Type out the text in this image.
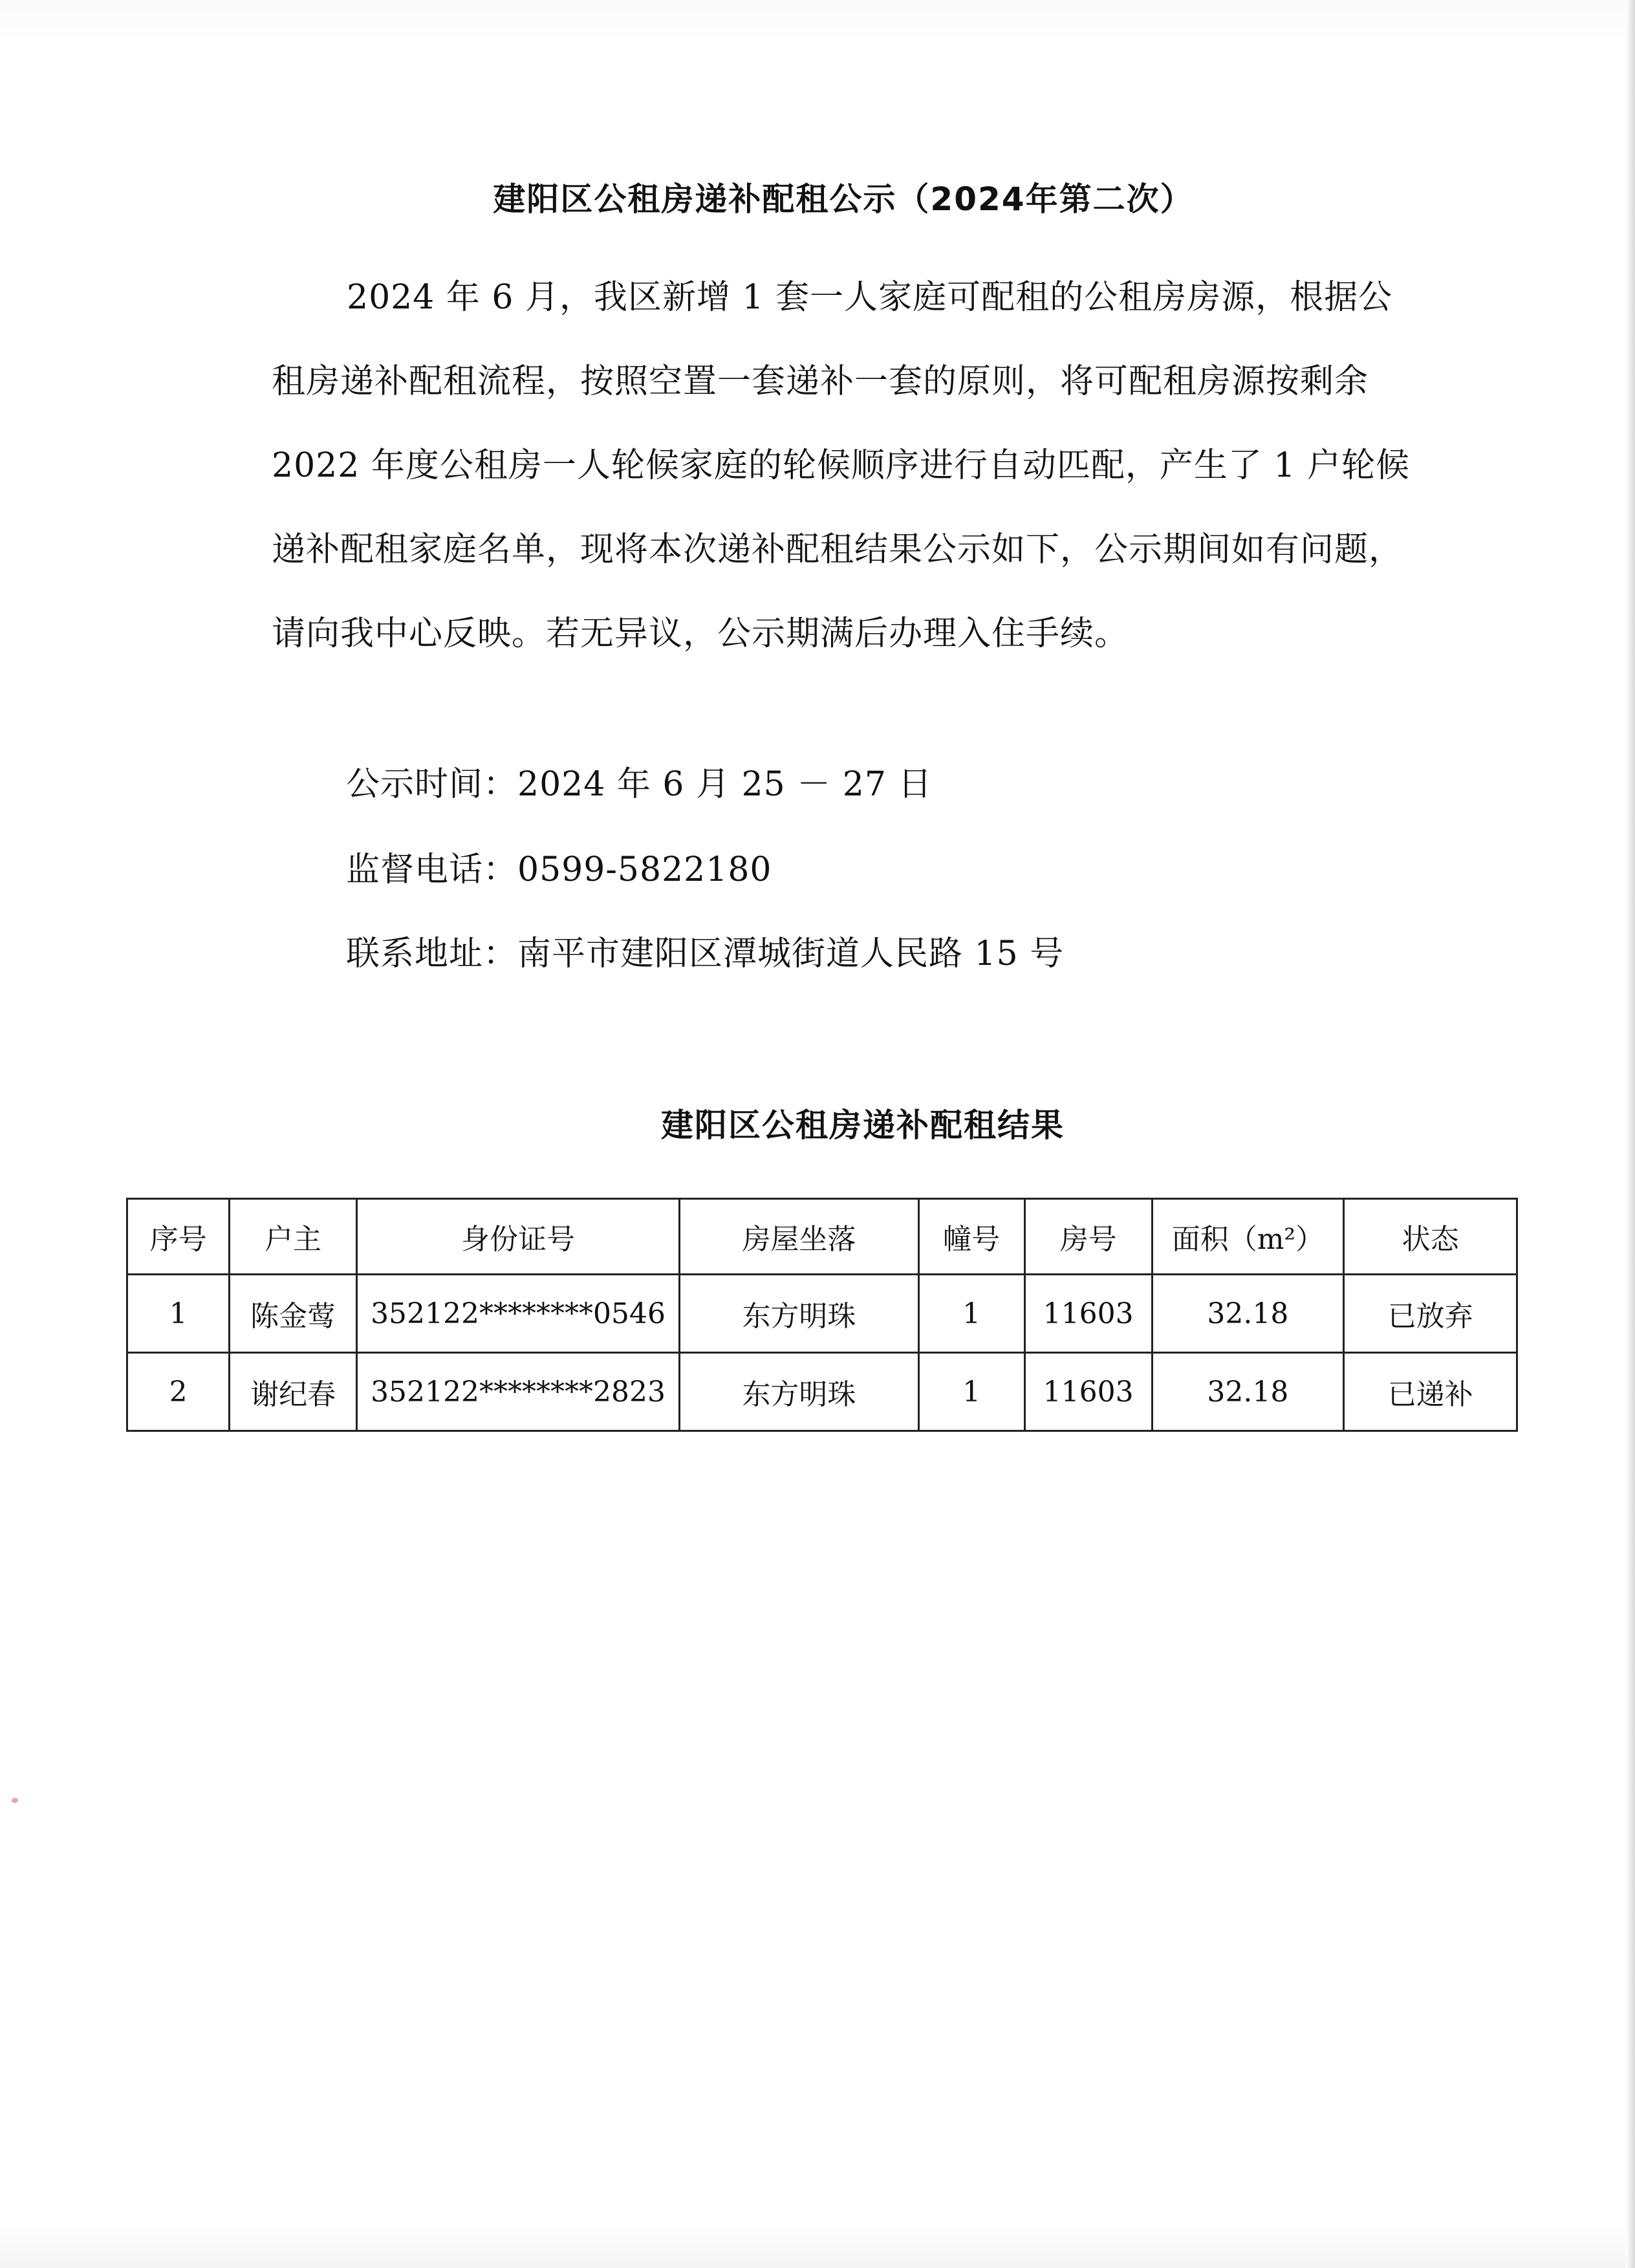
建阳区公租房递补配租公示（2024年第二次）

2024 年 6 月，我区新增 1 套一人家庭可配租的公租房房源，根据公租房递补配租流程，按照空置一套递补一套的原则，将可配租房源按剩余 2022 年度公租房一人轮候家庭的轮候顺序进行自动匹配，产生了 1 户轮候递补配租家庭名单，现将本次递补配租结果公示如下，公示期间如有问题，请向我中心反映。若无异议，公示期满后办理入住手续。

公示时间：2024 年 6 月 25 － 27 日

监督电话：0599-5822180

联系地址：南平市建阳区潭城街道人民路 15 号

建阳区公租房递补配租结果
序号	户主	身份证号	房屋坐落	幢号	房号	面积（m²）	状态
1	陈金莺	352122********0546	东方明珠	1	11603	32.18	已放弃
2	谢纪春	352122********2823	东方明珠	1	11603	32.18	已递补
